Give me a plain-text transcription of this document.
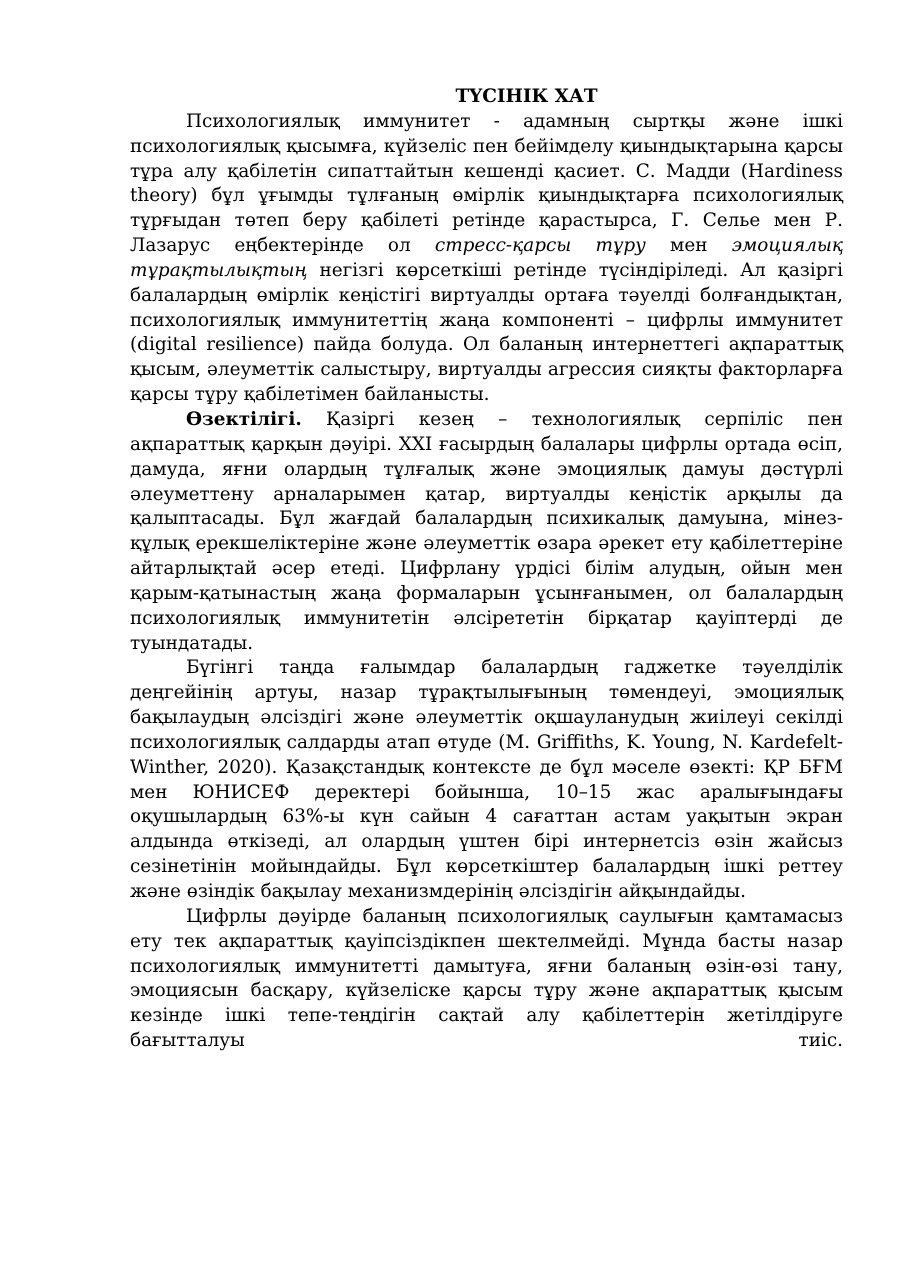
ТҮСІНІК ХАТ

Психологиялық иммунитет - адамның сыртқы және ішкі психологиялық қысымға, күйзеліс пен бейімделу қиындықтарына қарсы тұра алу қабілетін сипаттайтын кешенді қасиет. С. Мадди (Hardiness theory) бұл ұғымды тұлғаның өмірлік қиындықтарға психологиялық тұрғыдан төтеп беру қабілеті ретінде қарастырса, Г. Селье мен Р. Лазарус еңбектерінде ол стресс-қарсы тұру мен эмоциялық тұрақтылықтың негізгі көрсеткіші ретінде түсіндіріледі. Ал қазіргі балалардың өмірлік кеңістігі виртуалды ортаға тәуелді болғандықтан, психологиялық иммунитеттің жаңа компоненті – цифрлы иммунитет (digital resilience) пайда болуда. Ол баланың интернеттегі ақпараттық қысым, әлеуметтік салыстыру, виртуалды агрессия сияқты факторларға қарсы тұру қабілетімен байланысты.

Өзектілігі. Қазіргі кезең – технологиялық серпіліс пен ақпараттық қарқын дәуірі. XXI ғасырдың балалары цифрлы ортада өсіп, дамуда, яғни олардың тұлғалық және эмоциялық дамуы дәстүрлі әлеуметтену арналарымен қатар, виртуалды кеңістік арқылы да қалыптасады. Бұл жағдай балалардың психикалық дамуына, мінез-құлық ерекшеліктеріне және әлеуметтік өзара әрекет ету қабілеттеріне айтарлықтай әсер етеді. Цифрлану үрдісі білім алудың, ойын мен қарым-қатынастың жаңа формаларын ұсынғанымен, ол балалардың психологиялық иммунитетін әлсірететін бірқатар қауіптерді де туындатады.

Бүгінгі таңда ғалымдар балалардың гаджетке тәуелділік деңгейінің артуы, назар тұрақтылығының төмендеуі, эмоциялық бақылаудың әлсіздігі және әлеуметтік оқшауланудың жиілеуі секілді психологиялық салдарды атап өтуде (M. Griffiths, K. Young, N. Kardefelt-Winther, 2020). Қазақстандық контексте де бұл мәселе өзекті: ҚР БҒМ мен ЮНИСЕФ деректері бойынша, 10–15 жас аралығындағы оқушылардың 63%-ы күн сайын 4 сағаттан астам уақытын экран алдында өткізеді, ал олардың үштен бірі интернетсіз өзін жайсыз сезінетінін мойындайды. Бұл көрсеткіштер балалардың ішкі реттеу және өзіндік бақылау механизмдерінің әлсіздігін айқындайды.

Цифрлы дәуірде баланың психологиялық саулығын қамтамасыз ету тек ақпараттық қауіпсіздікпен шектелмейді. Мұнда басты назар психологиялық иммунитетті дамытуға, яғни баланың өзін-өзі тану, эмоциясын басқару, күйзеліске қарсы тұру және ақпараттық қысым кезінде ішкі тепе-теңдігін сақтай алу қабілеттерін жетілдіруге бағытталуы тиіс.
